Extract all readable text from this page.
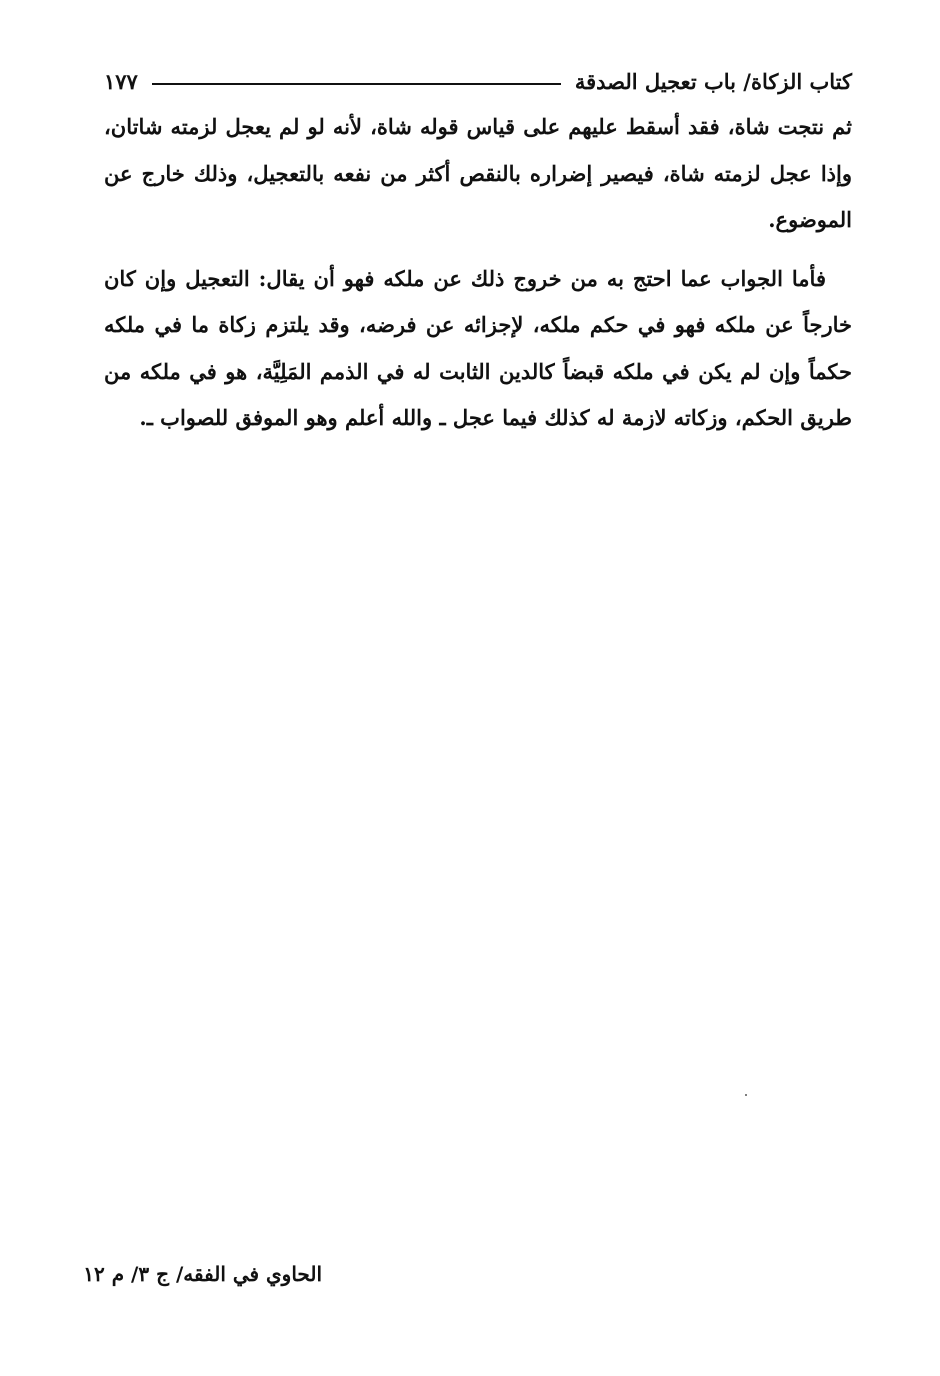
كتاب الزكاة/ باب تعجيل الصدقة
١٧٧

ثم نتجت شاة، فقد أسقط عليهم على قياس قوله شاة، لأنه لو لم يعجل لزمته شاتان، وإذا عجل لزمته شاة، فيصير إضراره بالنقص أكثر من نفعه بالتعجيل، وذلك خارج عن الموضوع.

فأما الجواب عما احتج به من خروج ذلك عن ملكه فهو أن يقال: التعجيل وإن كان خارجاً عن ملكه فهو في حكم ملكه، لإجزائه عن فرضه، وقد يلتزم زكاة ما في ملكه حكماً وإن لم يكن في ملكه قبضاً كالدين الثابت له في الذمم المَلِيَّة، هو في ملكه من طريق الحكم، وزكاته لازمة له كذلك فيما عجل ـ والله أعلم وهو الموفق للصواب ـ.

الحاوي في الفقه/ ج ٣/ م ١٢
